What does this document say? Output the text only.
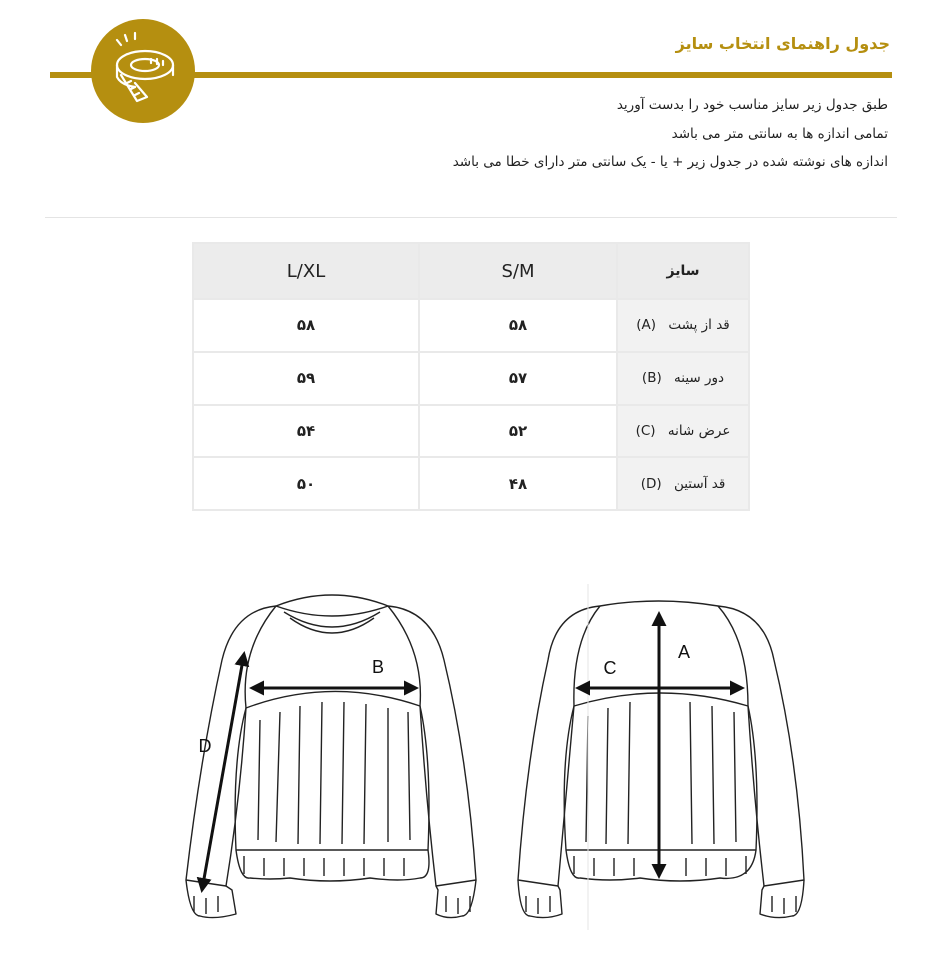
جدول راهنمای انتخاب سایز
طبق جدول زیر سایز مناسب خود را بدست آورید
تمامی اندازه ها به سانتی متر می باشد
اندازه های نوشته شده در جدول زیر + یا - یک سانتی متر دارای خطا می باشد
L/XL	S/M	سایز
۵۸	۵۸	قد از پشت (A)
۵۹	۵۷	دور سینه (B)
۵۴	۵۲	عرض شانه (C)
۵۰	۴۸	قد آستین (D)
B
D
A
C
